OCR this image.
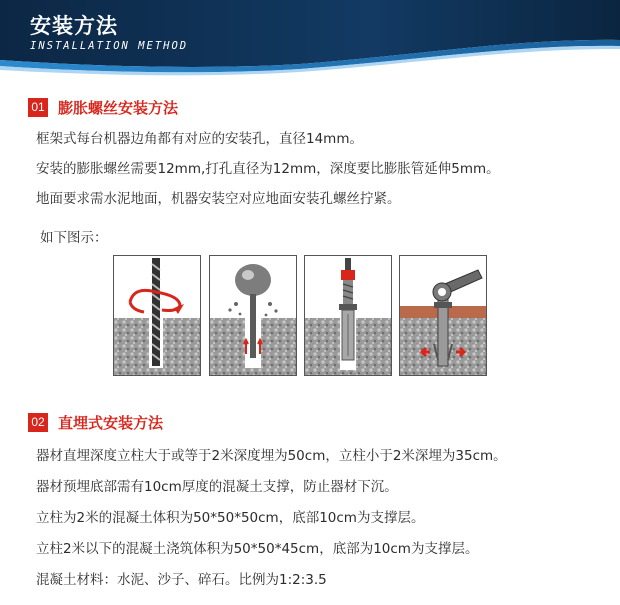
安装方法
INSTALLATION METHOD
01 膨胀螺丝安装方法
框架式每台机器边角都有对应的安装孔，直径14mm。
安装的膨胀螺丝需要12mm,打孔直径为12mm，深度要比膨胀管延伸5mm。
地面要求需水泥地面，机器安装空对应地面安装孔螺丝拧紧。
如下图示：
02 直埋式安装方法
器材直埋深度立柱大于或等于2米深度埋为50cm，立柱小于2米深埋为35cm。
器材预埋底部需有10cm厚度的混凝土支撑，防止器材下沉。
立柱为2米的混凝土体积为50*50*50cm，底部10cm为支撑层。
立柱2米以下的混凝土浇筑体积为50*50*45cm，底部为10cm为支撑层。
混凝土材料：水泥、沙子、碎石。比例为1:2:3.5
